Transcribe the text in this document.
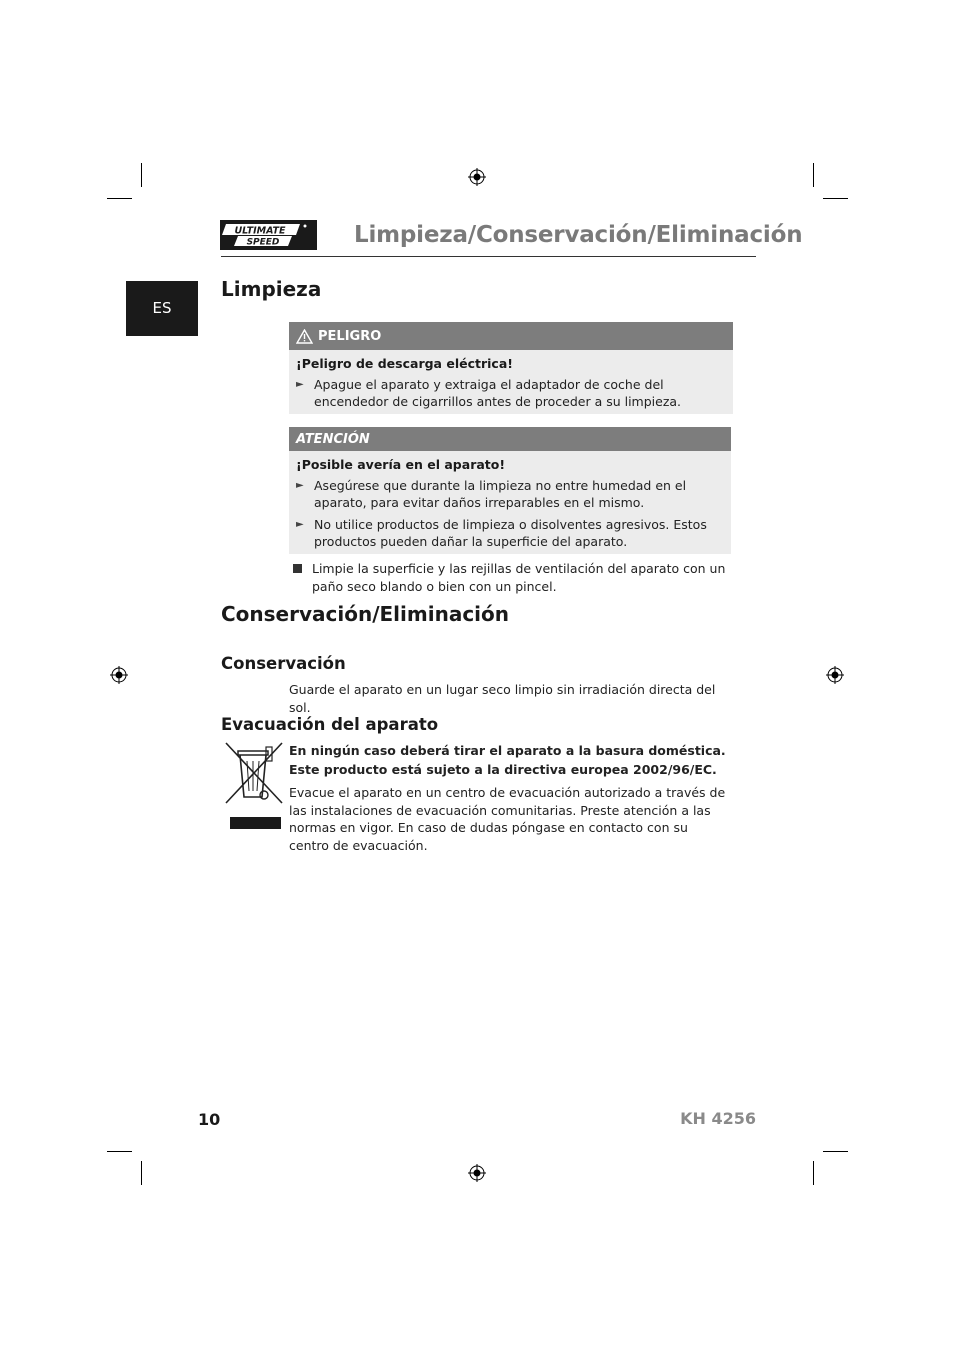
ULTIMATE
SPEED	Limpieza/Conservación/Eliminación
ES
Limpieza
PELIGRO
¡Peligro de descarga eléctrica!
► Apague el aparato y extraiga el adaptador de coche del encendedor de cigarrillos antes de proceder a su limpieza.
ATENCIÓN
¡Posible avería en el aparato!
► Asegúrese que durante la limpieza no entre humedad en el aparato, para evitar daños irreparables en el mismo.
► No utilice productos de limpieza o disolventes agresivos. Estos productos pueden dañar la superficie del aparato.
Limpie la superficie y las rejillas de ventilación del aparato con un paño seco blando o bien con un pincel.
Conservación/Eliminación
Conservación
Guarde el aparato en un lugar seco limpio sin irradiación directa del sol.
Evacuación del aparato
En ningún caso deberá tirar el aparato a la basura doméstica. Este producto está sujeto a la directiva europea 2002/96/EC.
Evacue el aparato en un centro de evacuación autorizado a través de las instalaciones de evacuación comunitarias. Preste atención a las normas en vigor. En caso de dudas póngase en contacto con su centro de evacuación.
10	KH 4256
